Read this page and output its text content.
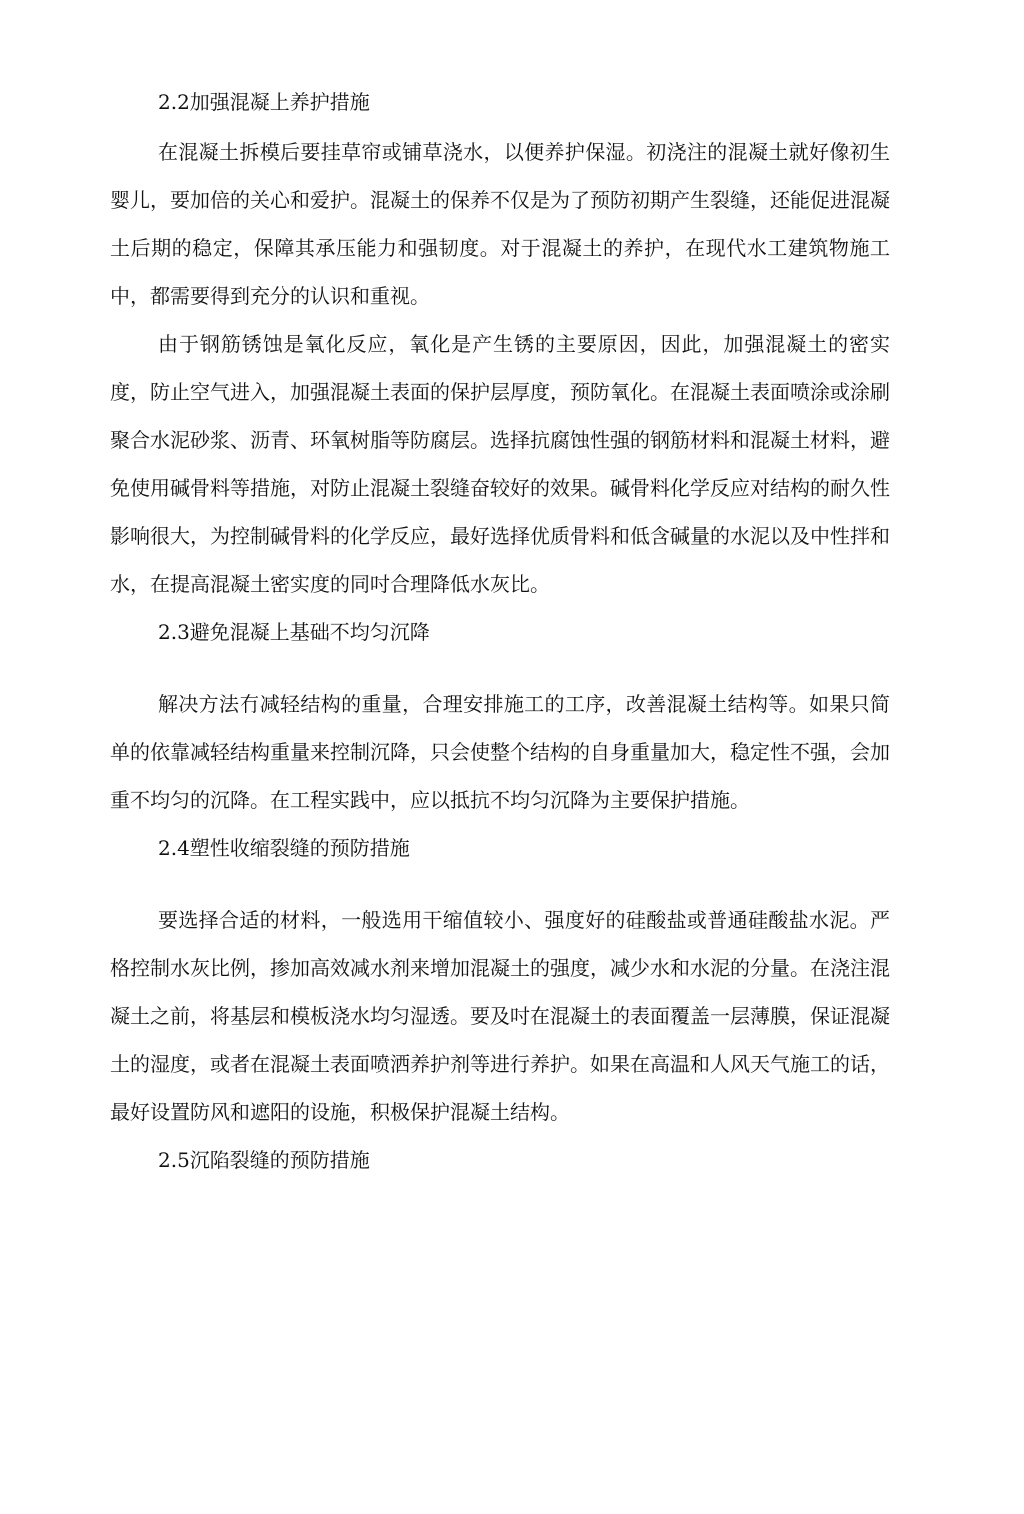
2.2加强混凝上养护措施

在混凝土拆模后要挂草帘或铺草浇水，以便养护保湿。初浇注的混凝土就好像初生婴儿，要加倍的关心和爱护。混凝土的保养不仅是为了预防初期产生裂缝，还能促进混凝土后期的稳定，保障其承压能力和强韧度。对于混凝土的养护，在现代水工建筑物施工中，都需要得到充分的认识和重视。

由于钢筋锈蚀是氧化反应，氧化是产生锈的主要原因，因此，加强混凝土的密实度，防止空气进入，加强混凝土表面的保护层厚度，预防氧化。在混凝土表面喷涂或涂刷聚合水泥砂浆、沥青、环氧树脂等防腐层。选择抗腐蚀性强的钢筋材料和混凝土材料，避免使用碱骨料等措施，对防止混凝土裂缝奋较好的效果。碱骨料化学反应对结构的耐久性影响很大，为控制碱骨料的化学反应，最好选择优质骨料和低含碱量的水泥以及中性拌和水，在提高混凝土密实度的同吋合理降低水灰比。

2.3避免混凝上基础不均匀沉降

解决方法冇减轻结构的重量，合理安排施工的工序，改善混凝土结构等。如果只简单的依靠减轻结构重量来控制沉降，只会使整个结构的自身重量加大，稳定性不强，会加重不均匀的沉降。在工程实践中，应以抵抗不均匀沉降为主要保护措施。

2.4塑性收缩裂缝的预防措施

要选择合适的材料，一般选用干缩值较小、强度好的硅酸盐或普通硅酸盐水泥。严格控制水灰比例，掺加高效减水剂来增加混凝土的强度，减少水和水泥的分量。在浇注混凝土之前，将基层和模板浇水均匀湿透。要及吋在混凝土的表面覆盖一层薄膜，保证混凝土的湿度，或者在混凝土表面喷洒养护剂等进行养护。如果在高温和人风天气施工的话，最好设置防风和遮阳的设施，积极保护混凝土结构。

2.5沉陷裂缝的预防措施
